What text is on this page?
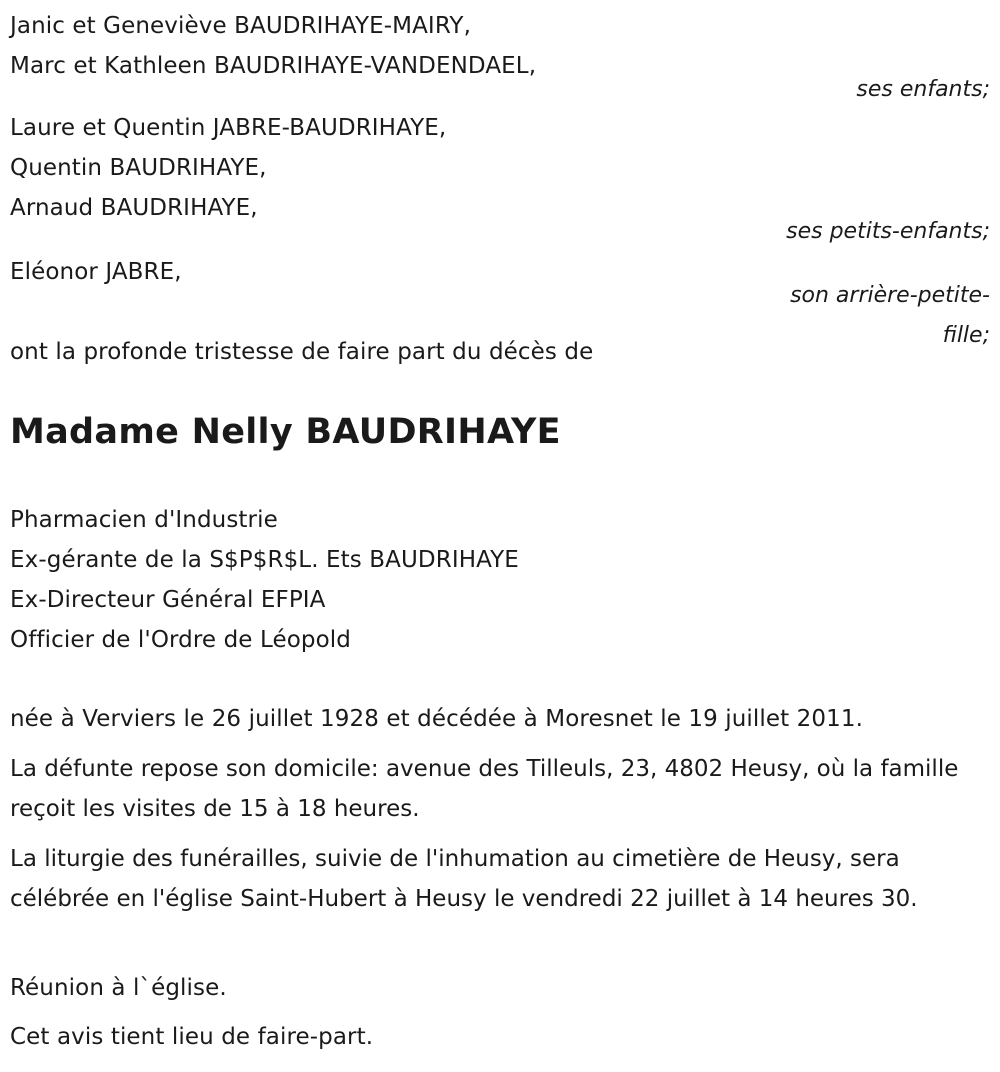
Janic et Geneviève BAUDRIHAYE-MAIRY,
Marc et Kathleen BAUDRIHAYE-VANDENDAEL,
ses enfants;
Laure et Quentin JABRE-BAUDRIHAYE,
Quentin BAUDRIHAYE,
Arnaud BAUDRIHAYE,
ses petits-enfants;
Eléonor JABRE,
son arrière-petite-fille;
ont la profonde tristesse de faire part du décès de
Madame Nelly BAUDRIHAYE
Pharmacien d'Industrie
Ex-gérante de la S$P$R$L. Ets BAUDRIHAYE
Ex-Directeur Général EFPIA
Officier de l'Ordre de Léopold
née à Verviers le 26 juillet 1928 et décédée à Moresnet le 19 juillet 2011.
La défunte repose son domicile: avenue des Tilleuls, 23, 4802 Heusy, où la famille reçoit les visites de 15 à 18 heures.
La liturgie des funérailles, suivie de l'inhumation au cimetière de Heusy, sera célébrée en l'église Saint-Hubert à Heusy le vendredi 22 juillet à 14 heures 30.
Réunion à l`église.
Cet avis tient lieu de faire-part.
